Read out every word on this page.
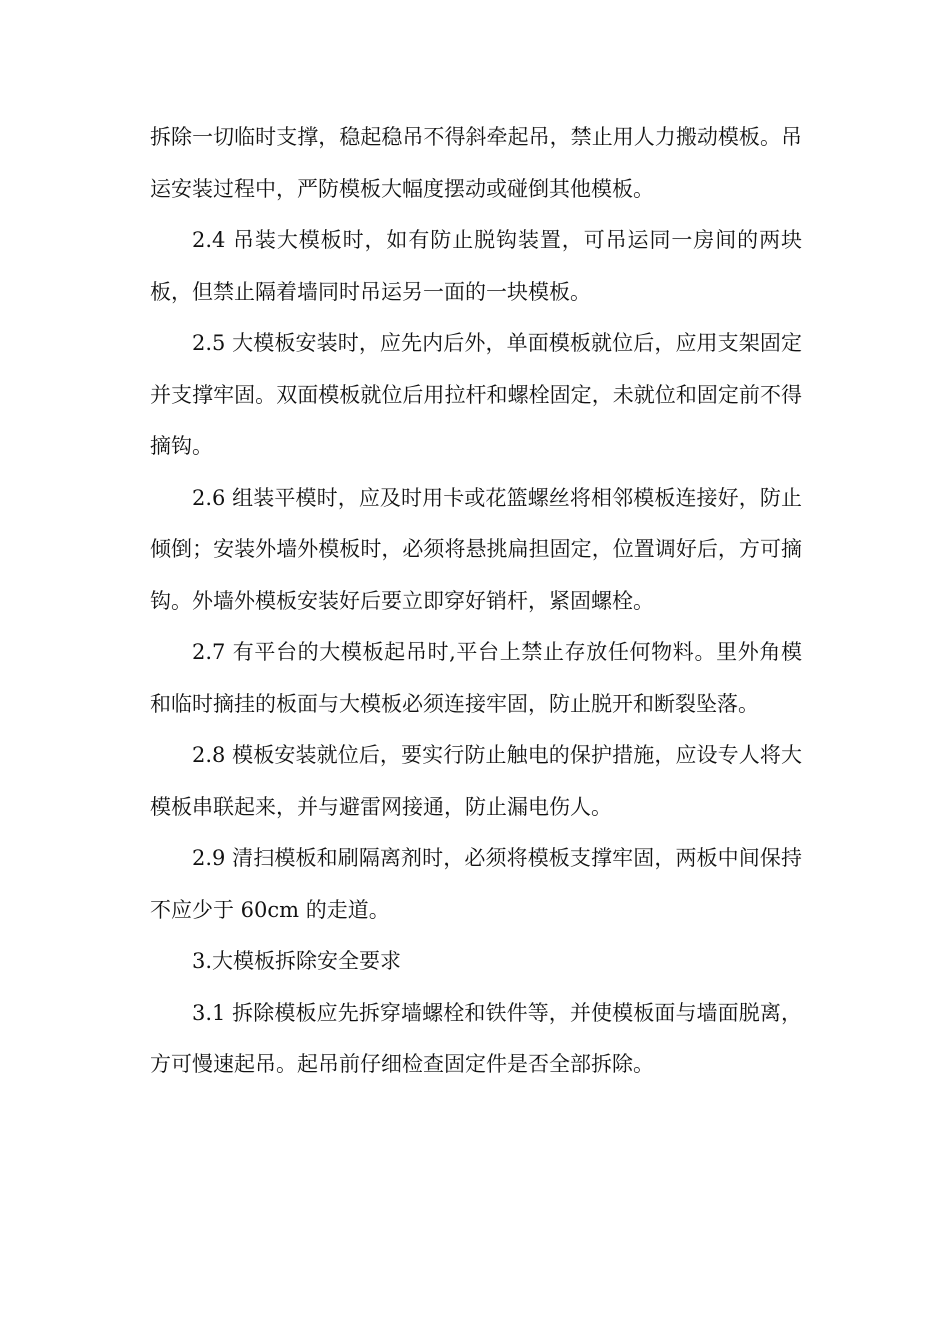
拆除一切临时支撑，稳起稳吊不得斜牵起吊，禁止用人力搬动模板。吊运安装过程中，严防模板大幅度摆动或碰倒其他模板。

2.4 吊装大模板时，如有防止脱钩装置，可吊运同一房间的两块板，但禁止隔着墙同时吊运另一面的一块模板。

2.5 大模板安装时，应先内后外，单面模板就位后，应用支架固定并支撑牢固。双面模板就位后用拉杆和螺栓固定，未就位和固定前不得摘钩。

2.6 组装平模时，应及时用卡或花篮螺丝将相邻模板连接好，防止倾倒；安装外墙外模板时，必须将悬挑扁担固定，位置调好后，方可摘钩。外墙外模板安装好后要立即穿好销杆，紧固螺栓。

2.7 有平台的大模板起吊时,平台上禁止存放任何物料。里外角模和临时摘挂的板面与大模板必须连接牢固，防止脱开和断裂坠落。

2.8 模板安装就位后，要实行防止触电的保护措施，应设专人将大模板串联起来，并与避雷网接通，防止漏电伤人。

2.9 清扫模板和刷隔离剂时，必须将模板支撑牢固，两板中间保持不应少于 60cm 的走道。

3.大模板拆除安全要求

3.1 拆除模板应先拆穿墙螺栓和铁件等，并使模板面与墙面脱离，方可慢速起吊。起吊前仔细检查固定件是否全部拆除。
